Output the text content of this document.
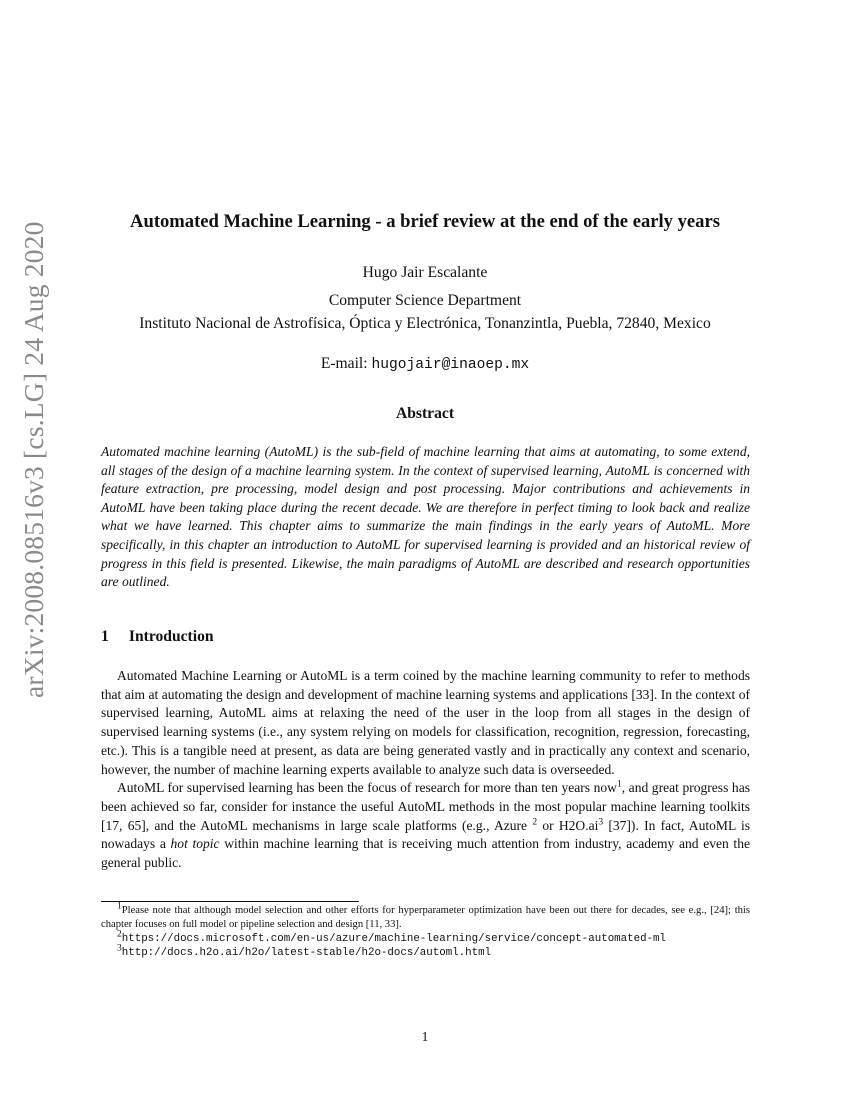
arXiv:2008.08516v3 [cs.LG] 24 Aug 2020	Automated Machine Learning - a brief review at the end of the early years
Hugo Jair Escalante
Computer Science Department
Instituto Nacional de Astrofísica, Óptica y Electrónica, Tonanzintla, Puebla, 72840, Mexico
E-mail: hugojair@inaoep.mx
Abstract
Automated machine learning (AutoML) is the sub-field of machine learning that aims at automating, to some extend, all stages of the design of a machine learning system. In the context of supervised learning, AutoML is concerned with feature extraction, pre processing, model design and post processing. Major contributions and achievements in AutoML have been taking place during the recent decade. We are therefore in perfect timing to look back and realize what we have learned. This chapter aims to summarize the main findings in the early years of AutoML. More specifically, in this chapter an introduction to AutoML for supervised learning is provided and an historical review of progress in this field is presented. Likewise, the main paradigms of AutoML are described and research opportunities are outlined.
1 Introduction

Automated Machine Learning or AutoML is a term coined by the machine learning community to refer to methods that aim at automating the design and development of machine learning systems and applications [33]. In the context of supervised learning, AutoML aims at relaxing the need of the user in the loop from all stages in the design of supervised learning systems (i.e., any system relying on models for classification, recognition, regression, forecasting, etc.). This is a tangible need at present, as data are being generated vastly and in practically any context and scenario, however, the number of machine learning experts available to analyze such data is overseeded.

AutoML for supervised learning has been the focus of research for more than ten years now$^1$, and great progress has been achieved so far, consider for instance the useful AutoML methods in the most popular machine learning toolkits [17, 65], and the AutoML mechanisms in large scale platforms (e.g., Azure $^2$ or $H2O.ai^3$ [37]). In fact, AutoML is nowadays a hot topic within machine learning that is receiving much attention from industry, academy and even the general public.

$^1$Please note that although model selection and other efforts for hyperparameter optimization have been out there for decades, see e.g., [24]; this chapter focuses on full model or pipeline selection and design [11, 33].

$^2$https://docs.microsoft.com/en-us/azure/machine-learning/service/concept-automated-ml

$^3$http://docs.h2o.ai/h2o/latest-stable/h2o-docs/automl.html

1
